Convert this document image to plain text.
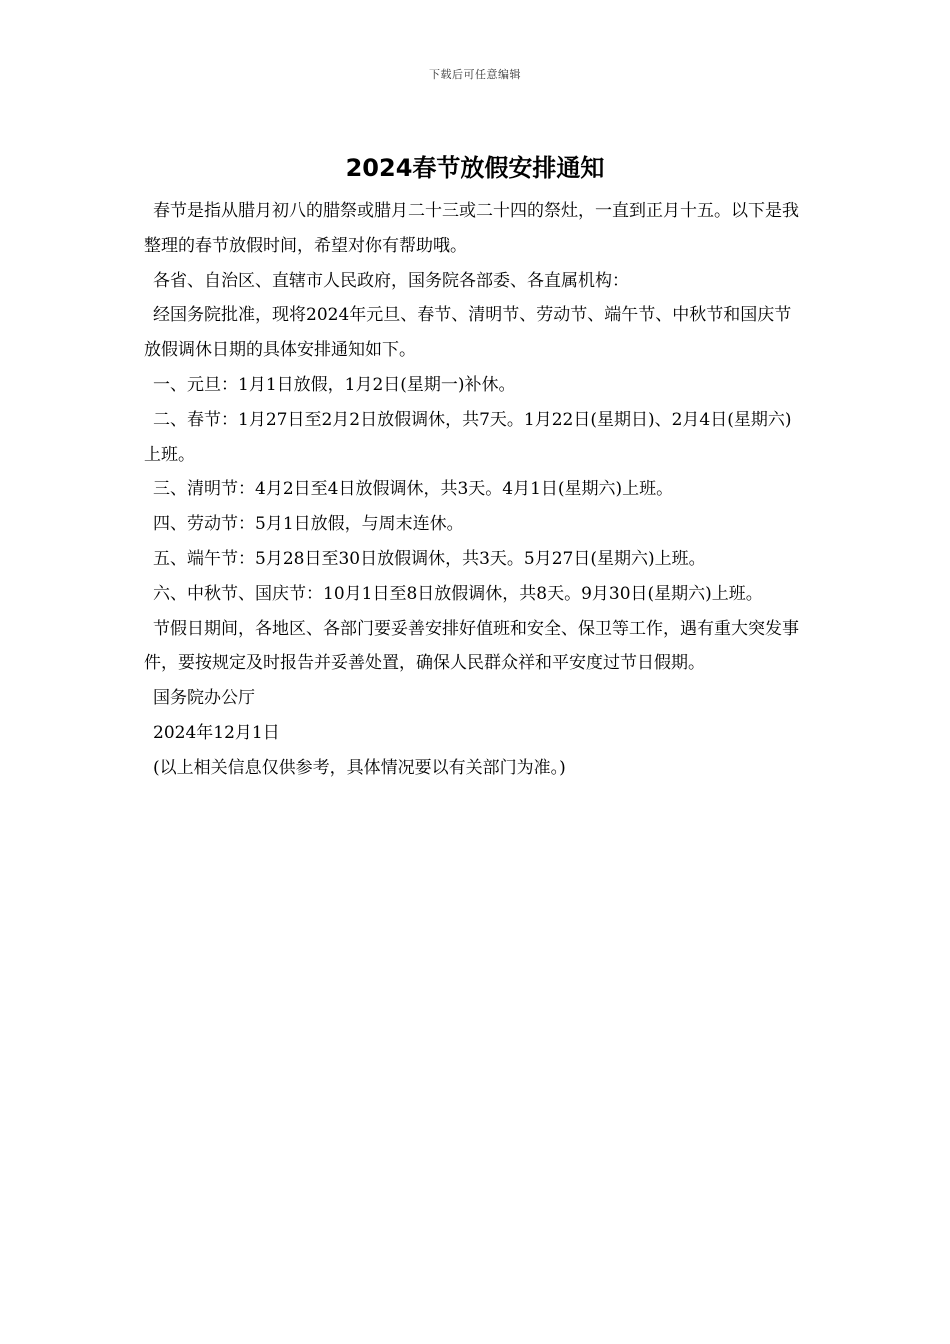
下载后可任意编辑
2024春节放假安排通知

春节是指从腊月初八的腊祭或腊月二十三或二十四的祭灶，一直到正月十五。以下是我整理的春节放假时间，希望对你有帮助哦。

各省、自治区、直辖市人民政府，国务院各部委、各直属机构：

经国务院批准，现将2024年元旦、春节、清明节、劳动节、端午节、中秋节和国庆节放假调休日期的具体安排通知如下。

一、元旦：1月1日放假，1月2日(星期一)补休。

二、春节：1月27日至2月2日放假调休，共7天。1月22日(星期日)、2月4日(星期六)上班。

三、清明节：4月2日至4日放假调休，共3天。4月1日(星期六)上班。

四、劳动节：5月1日放假，与周末连休。

五、端午节：5月28日至30日放假调休，共3天。5月27日(星期六)上班。

六、中秋节、国庆节：10月1日至8日放假调休，共8天。9月30日(星期六)上班。

节假日期间，各地区、各部门要妥善安排好值班和安全、保卫等工作，遇有重大突发事件，要按规定及时报告并妥善处置，确保人民群众祥和平安度过节日假期。

国务院办公厅

2024年12月1日

(以上相关信息仅供参考，具体情况要以有关部门为准。)
